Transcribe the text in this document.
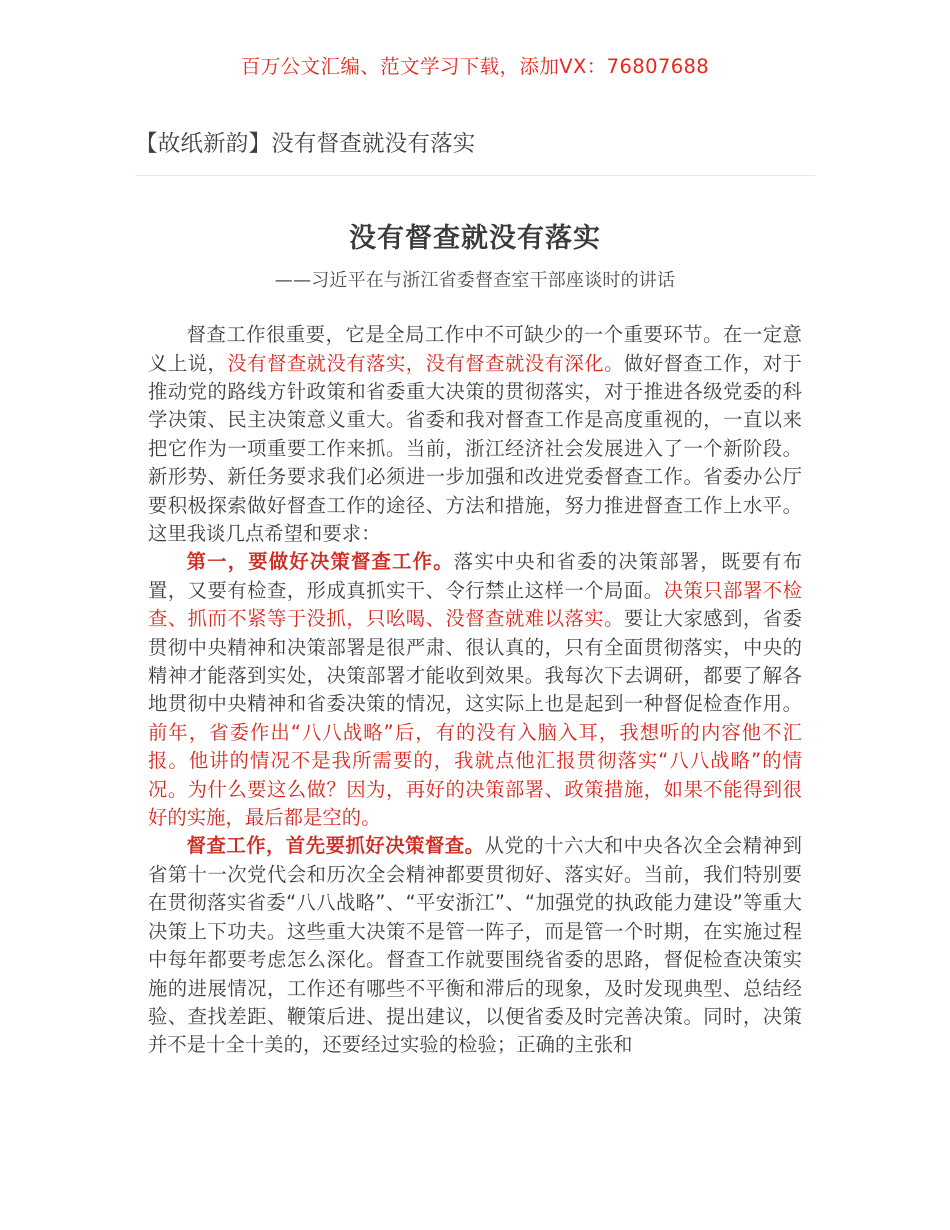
百万公文汇编、范文学习下载，添加VX：76807688
【故纸新韵】没有督查就没有落实
没有督查就没有落实
——习近平在与浙江省委督查室干部座谈时的讲话

督查工作很重要，它是全局工作中不可缺少的一个重要环节。在一定意义上说，没有督查就没有落实，没有督查就没有深化。做好督查工作，对于推动党的路线方针政策和省委重大决策的贯彻落实，对于推进各级党委的科学决策、民主决策意义重大。省委和我对督查工作是高度重视的，一直以来把它作为一项重要工作来抓。当前，浙江经济社会发展进入了一个新阶段。新形势、新任务要求我们必须进一步加强和改进党委督查工作。省委办公厅要积极探索做好督查工作的途径、方法和措施，努力推进督查工作上水平。这里我谈几点希望和要求：

第一，要做好决策督查工作。落实中央和省委的决策部署，既要有布置，又要有检查，形成真抓实干、令行禁止这样一个局面。决策只部署不检查、抓而不紧等于没抓，只吆喝、没督查就难以落实。要让大家感到，省委贯彻中央精神和决策部署是很严肃、很认真的，只有全面贯彻落实，中央的精神才能落到实处，决策部署才能收到效果。我每次下去调研，都要了解各地贯彻中央精神和省委决策的情况，这实际上也是起到一种督促检查作用。前年，省委作出“八八战略”后，有的没有入脑入耳，我想听的内容他不汇报。他讲的情况不是我所需要的，我就点他汇报贯彻落实“八八战略”的情况。为什么要这么做？因为，再好的决策部署、政策措施，如果不能得到很好的实施，最后都是空的。

督查工作，首先要抓好决策督查。从党的十六大和中央各次全会精神到省第十一次党代会和历次全会精神都要贯彻好、落实好。当前，我们特别要在贯彻落实省委“八八战略”、“平安浙江”、“加强党的执政能力建设”等重大决策上下功夫。这些重大决策不是管一阵子，而是管一个时期，在实施过程中每年都要考虑怎么深化。督查工作就要围绕省委的思路，督促检查决策实施的进展情况，工作还有哪些不平衡和滞后的现象，及时发现典型、总结经验、查找差距、鞭策后进、提出建议，以便省委及时完善决策。同时，决策并不是十全十美的，还要经过实验的检验；正确的主张和
